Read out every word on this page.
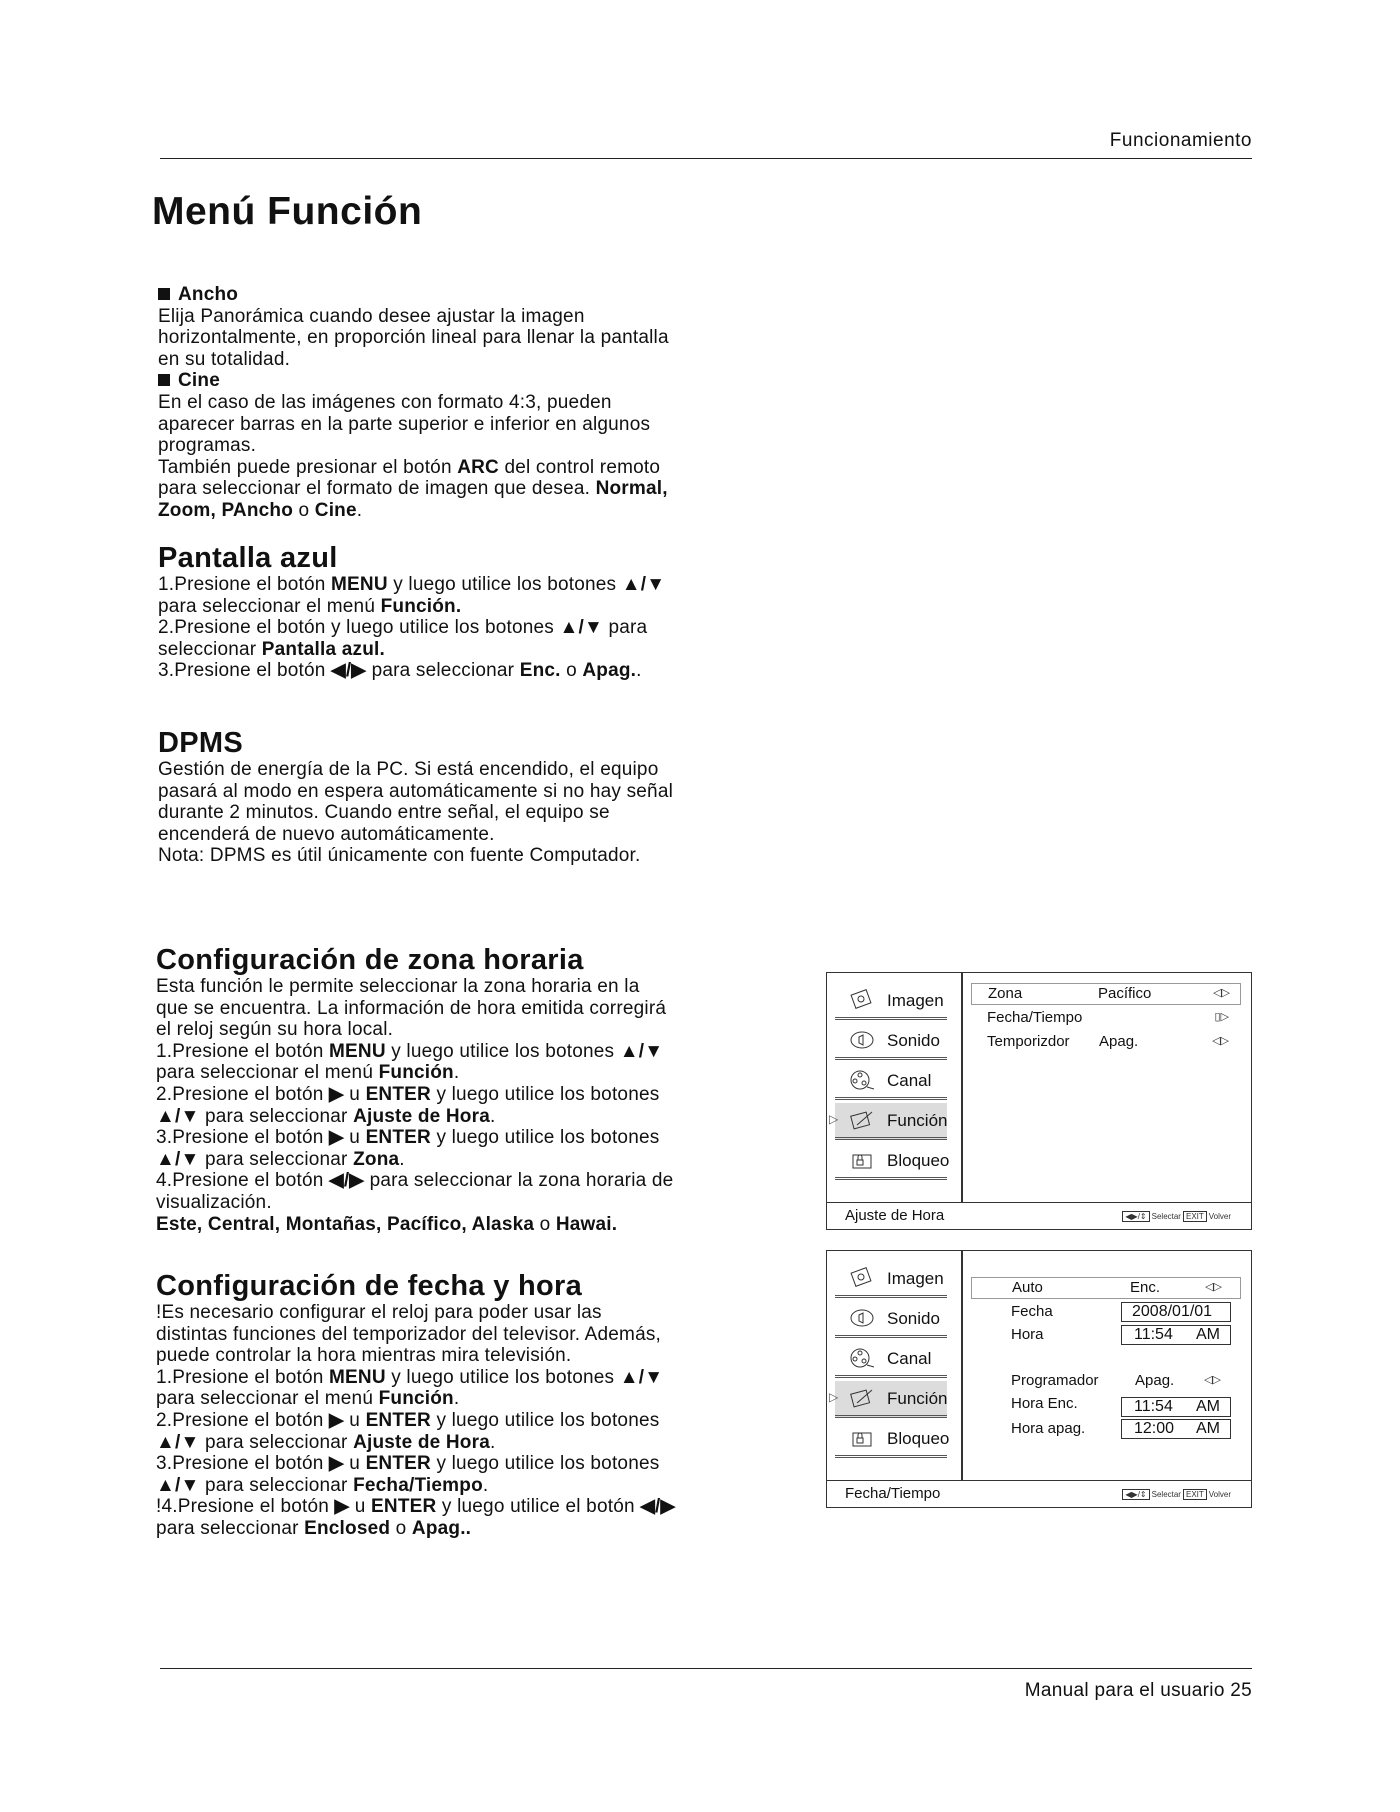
Funcionamiento
Menú Función

Ancho

Elija Panorámica cuando desee ajustar la imagen horizontalmente, en proporción lineal para llenar la pantalla en su totalidad.

Cine

En el caso de las imágenes con formato 4:3, pueden aparecer barras en la parte superior e inferior en algunos programas.

También puede presionar el botón ARC del control remoto para seleccionar el formato de imagen que desea. Normal, Zoom, PAncho o Cine.

Pantalla azul

1.Presione el botón MENU y luego utilice los botones ▲/▼ para seleccionar el menú Función.

2.Presione el botón y luego utilice los botones ▲/▼ para seleccionar Pantalla azul.

3.Presione el botón ◀/▶ para seleccionar Enc. o Apag..

DPMS

Gestión de energía de la PC. Si está encendido, el equipo pasará al modo en espera automáticamente si no hay señal durante 2 minutos. Cuando entre señal, el equipo se encenderá de nuevo automáticamente.

Nota: DPMS es útil únicamente con fuente Computador.

Configuración de zona horaria

Esta función le permite seleccionar la zona horaria en la que se encuentra. La información de hora emitida corregirá el reloj según su hora local.

1.Presione el botón MENU y luego utilice los botones ▲/▼ para seleccionar el menú Función.

2.Presione el botón ▶ u ENTER y luego utilice los botones ▲/▼ para seleccionar Ajuste de Hora.

3.Presione el botón ▶ u ENTER y luego utilice los botones ▲/▼ para seleccionar Zona.

4.Presione el botón ◀/▶ para seleccionar la zona horaria de visualización.

Este, Central, Montañas, Pacífico, Alaska o Hawai.

Configuración de fecha y hora

!Es necesario configurar el reloj para poder usar las distintas funciones del temporizador del televisor. Además, puede controlar la hora mientras mira televisión.

1.Presione el botón MENU y luego utilice los botones ▲/▼ para seleccionar el menú Función.

2.Presione el botón ▶ u ENTER y luego utilice los botones ▲/▼ para seleccionar Ajuste de Hora.

3.Presione el botón ▶ u ENTER y luego utilice los botones ▲/▼ para seleccionar Fecha/Tiempo.

!4.Presione el botón ▶ u ENTER y luego utilice el botón ◀/▶ para seleccionar Enclosed o Apag..

Imagen
Sonido
Canal
▷	Función
Bloqueo
Zona	Pacífico	◁▷
Fecha/Tiempo	▯▷
Temporizdor Apag.	◁▷
Ajuste de Hora	◀▶/⇕ Selectar EXIT Volver
Imagen
Sonido
Canal
▷	Función
Bloqueo
Auto	Enc.	◁▷
Fecha	2008/01/01
Hora	11:54 AM
Programador Apag.	◁▷
Hora Enc.	11:54 AM
Hora apag.	12:00 AM
Fecha/Tiempo	◀▶/⇕ Selectar EXIT Volver
Manual para el usuario 25
